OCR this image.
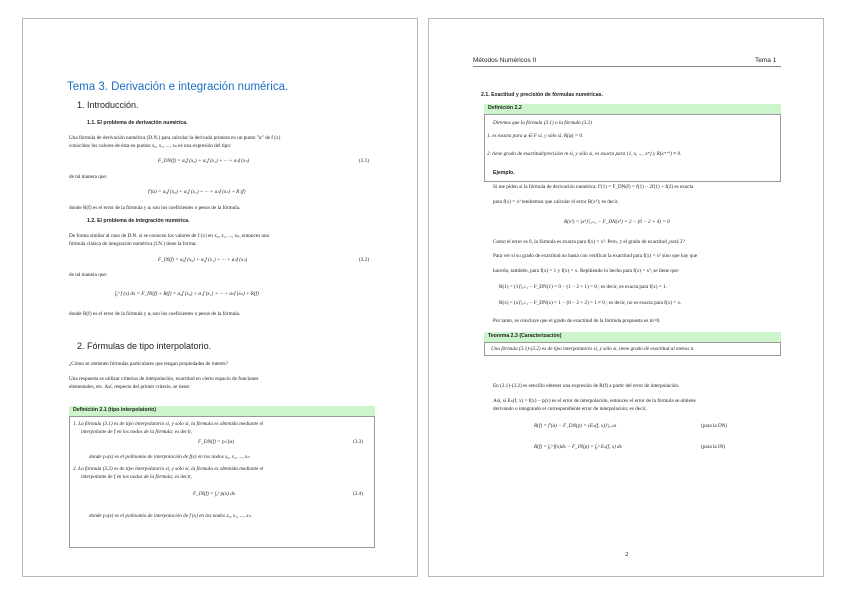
Tema 3. Derivación e integración numérica.
1. Introducción.
1.1. El problema de derivación numérica.
Una fórmula de derivación numérica (D.N.) para calcular la derivada primera en un punto "α" de f (x)
conocidos los valores de ésta en puntos x₀, x₁, ..., xₙ es una expresión del tipo:
F_DN(f) = α₀f (x₀) + α₁f (x₁) + ··· + αₙf (xₙ)	(3.1)
de tal manera que:
f′(α) = α₀f (x₀) + α₁f (x₁) + ··· + αₙf (xₙ) + R (f)
donde R(f) es el error de la fórmula y αᵢ son los coeficientes o pesos de la fórmula.
1.2. El problema de integración numérica.
De forma similar al caso de D.N. si se conocen los valores de f (x) en x₀, x₁, ..., xₙ, entonces una
fórmula clásica de integración numérica (I.N.) tiene la forma:
F_IN(f) = α₀f (x₀) + α₁f (x₁) + ··· + αₙf (xₙ)	(3.2)
de tal manera que:
∫ₐᵇ f (x) dx = F_IN(f) + R(f) = α₀f (x₀) + α₁f (x₁) + ··· + αₙf (xₙ) + R(f)
donde R(f) es el error de la fórmula y αᵢ son los coeficientes o pesos de la fórmula.
2. Fórmulas de tipo interpolatorio.
¿Cómo se obtienen fórmulas particulares que tengan propiedades de interés?
Una respuesta es utilizar criterios de interpolación, exactitud en cierto espacio de funciones
elementales, etc. Así, respecto del primer criterio, se tiene:
Definición 2.1 (tipo interpolatorio)
1. La fórmula (3.1) es de tipo interpolatorio si, y sólo si, la fórmula es obtenida mediante el
interpolante de f en los nodos de la fórmula; es decir,
F_DN(f) = pₙ′(α)	(3.3)
donde pₙ(x) es el polinomio de interpolación de f(x) en los nodos x₀, x₁, ..., xₙ.
2. La fórmula (3.2) es de tipo interpolatorio si, y sólo si, la fórmula es obtenida mediante el
interpolante de f en los nodos de la fórmula; es decir,
F_IN(f) = ∫ₐᵇ p(x) dx	(3.4)
donde pₙ(x) es el polinomio de interpolación de f (x) en los nodos x₀, x₁, ..., xₙ.
Métodos Numéricos II	Tema 1
2.1. Exactitud y precisión de fórmulas numéricas.
Definición 2.2
Diremos que la fórmula (3.1) o la fórmula (3.2)
1. es exacta para φ ∈ F si, y sólo si, R(φ) = 0.
2. tiene grado de exactitud/precisión m si, y sólo si, es exacta para {1, x, ..., xᵐ} y R(xᵐ⁺¹) ≠ 0.
Ejemplo.
Si me piden si la fórmula de derivación numérica: f′(1) = F_DN(f) = f(1) − 2f(1) + f(2) es exacta
para f(x) = x³ tendremos que calcular el error R(x³); es decir,
R(x³) = (x³)′|ₓ₌₁ − F_DN(x³) = 2 − (0 − 2 + 4) = 0
Como el error es 0, la fórmula es exacta para f(x) = x³. Pero, y el grado de exactitud ¿será 2?
Para ver si su grado de exactitud no basta con verificar la exactitud para f(x) = x² sino que hay que
hacerlo, también, para f(x) = 1 y f(x) = x. Repitiendo lo hecho para f(x) = x³, se tiene que:
R(1) = (1)′|ₓ₌₁ − F_DN(1) = 0 − (1 − 2 + 1) = 0 ; es decir, es exacta para f(x) = 1.
R(x) = (x)′|ₓ₌₁ − F_DN(x) = 1 − (0 − 2 + 2) = 1 ≠ 0 ; es decir, no es exacta para f(x) = x.
Por tanto, se concluye que el grado de exactitud de la fórmula propuesta es m=0.
Teorema 2.3 (Caracterización)
Una fórmula (3.1)-(3.2) es de tipo interpolatorio si, y sólo si, tiene grado de exactitud al menos n.
En (3.1)-(3.2) es sencillo obtener una expresión de R(f) a partir del error de interpolación.
Así, si Eₙ(f, x) = f(x) − p(x) es el error de interpolación, entonces el error de la fórmula se obtiene
derivando o integrando el correspondiente error de interpolación; es decir,
R(f) = f′(α) − F_DN(p) = (Eₙ(f, x))′|ₓ₌α	(para la DN)
R(f) = ∫ₐᵇ f(x)dx − F_IN(p) = ∫ₐᵇ Eₙ(f, x) dx	(para la IN)
2
